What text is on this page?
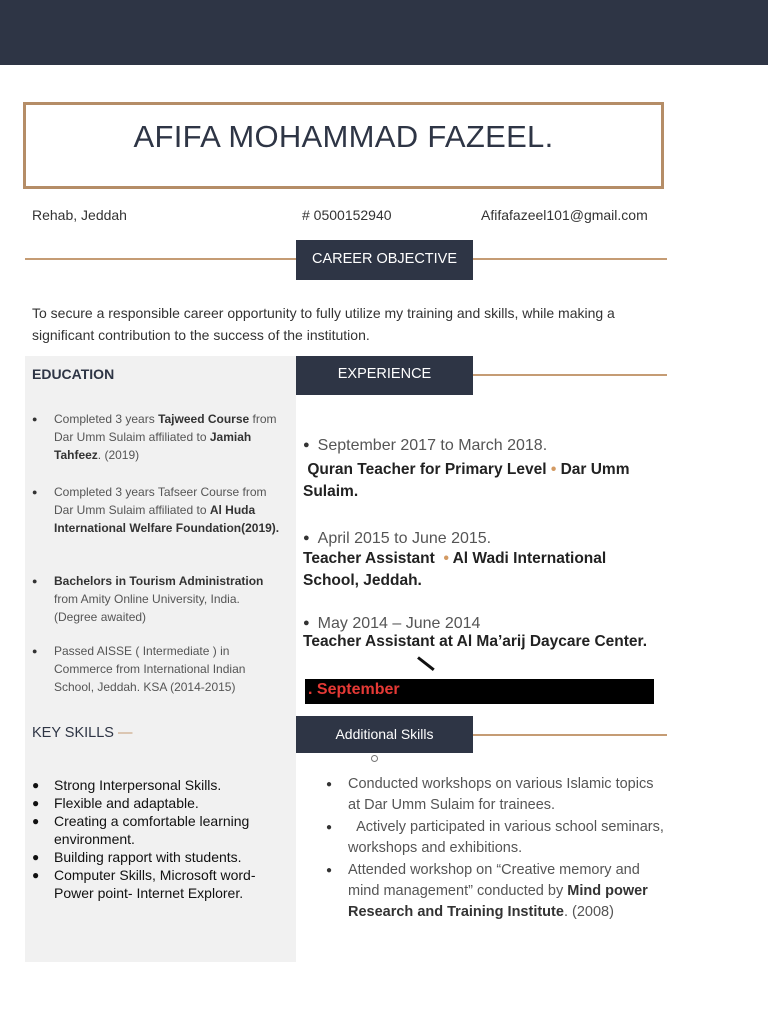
AFIFA MOHAMMAD FAZEEL.
Rehab, Jeddah	# 0500152940	Afifafazeel101@gmail.com
CAREER OBJECTIVE
To secure a responsible career opportunity to fully utilize my training and skills, while making a significant contribution to the success of the institution.
EDUCATION
● Completed 3 years Tajweed Course from Dar Umm Sulaim affiliated to Jamiah Tahfeez. (2019)
● Completed 3 years Tafseer Course from Dar Umm Sulaim affiliated to Al Huda International Welfare Foundation(2019).
● Bachelors in Tourism Administration from Amity Online University, India. (Degree awaited)
● Passed AISSE ( Intermediate ) in Commerce from International Indian School, Jeddah. KSA (2014-2015)
KEY SKILLS —
● Strong Interpersonal Skills.
● Flexible and adaptable.
● Creating a comfortable learning environment.
● Building rapport with students.
● Computer Skills, Microsoft word- Power point- Internet Explorer.
EXPERIENCE
● September 2017 to March 2018.
Quran Teacher for Primary Level • Dar Umm Sulaim.
● April 2015 to June 2015.
Teacher Assistant • Al Wadi International School, Jeddah.
● May 2014 – June 2014
Teacher Assistant at Al Ma’arij Daycare Center.
. September
Additional Skills
● Conducted workshops on various Islamic topics at Dar Umm Sulaim for trainees.
● Actively participated in various school seminars,    workshops and exhibitions.
● Attended workshop on “Creative memory and mind management” conducted by Mind power Research and Training Institute. (2008)
